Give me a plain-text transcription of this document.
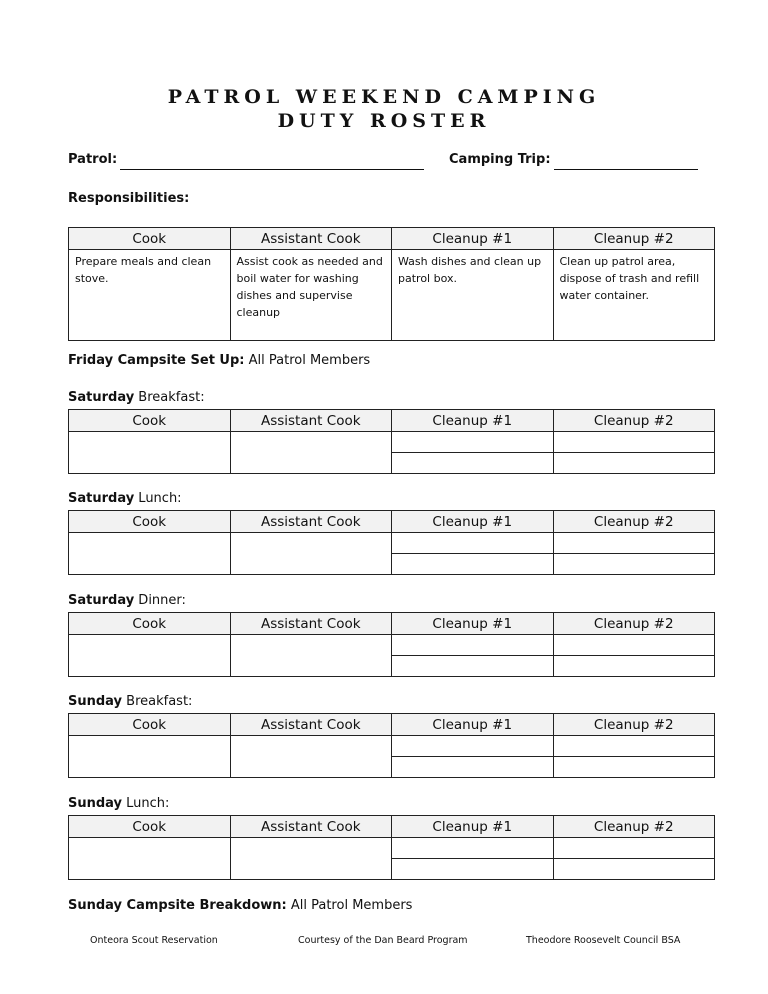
PATROL WEEKEND CAMPING
DUTY ROSTER
Patrol:	Camping Trip:
Responsibilities:
Cook	Assistant Cook	Cleanup #1	Cleanup #2
Prepare meals and clean stove.	Assist cook as needed and boil water for washing dishes and supervise cleanup	Wash dishes and clean up patrol box.	Clean up patrol area, dispose of trash and refill water container.
Friday Campsite Set Up: All Patrol Members
Saturday Breakfast:
Cook	Assistant Cook	Cleanup #1	Cleanup #2

Saturday Lunch:
Cook	Assistant Cook	Cleanup #1	Cleanup #2

Saturday Dinner:
Cook	Assistant Cook	Cleanup #1	Cleanup #2

Sunday Breakfast:
Cook	Assistant Cook	Cleanup #1	Cleanup #2

Sunday Lunch:
Cook	Assistant Cook	Cleanup #1	Cleanup #2

Sunday Campsite Breakdown: All Patrol Members
Onteora Scout Reservation	Courtesy of the Dan Beard Program	Theodore Roosevelt Council BSA
